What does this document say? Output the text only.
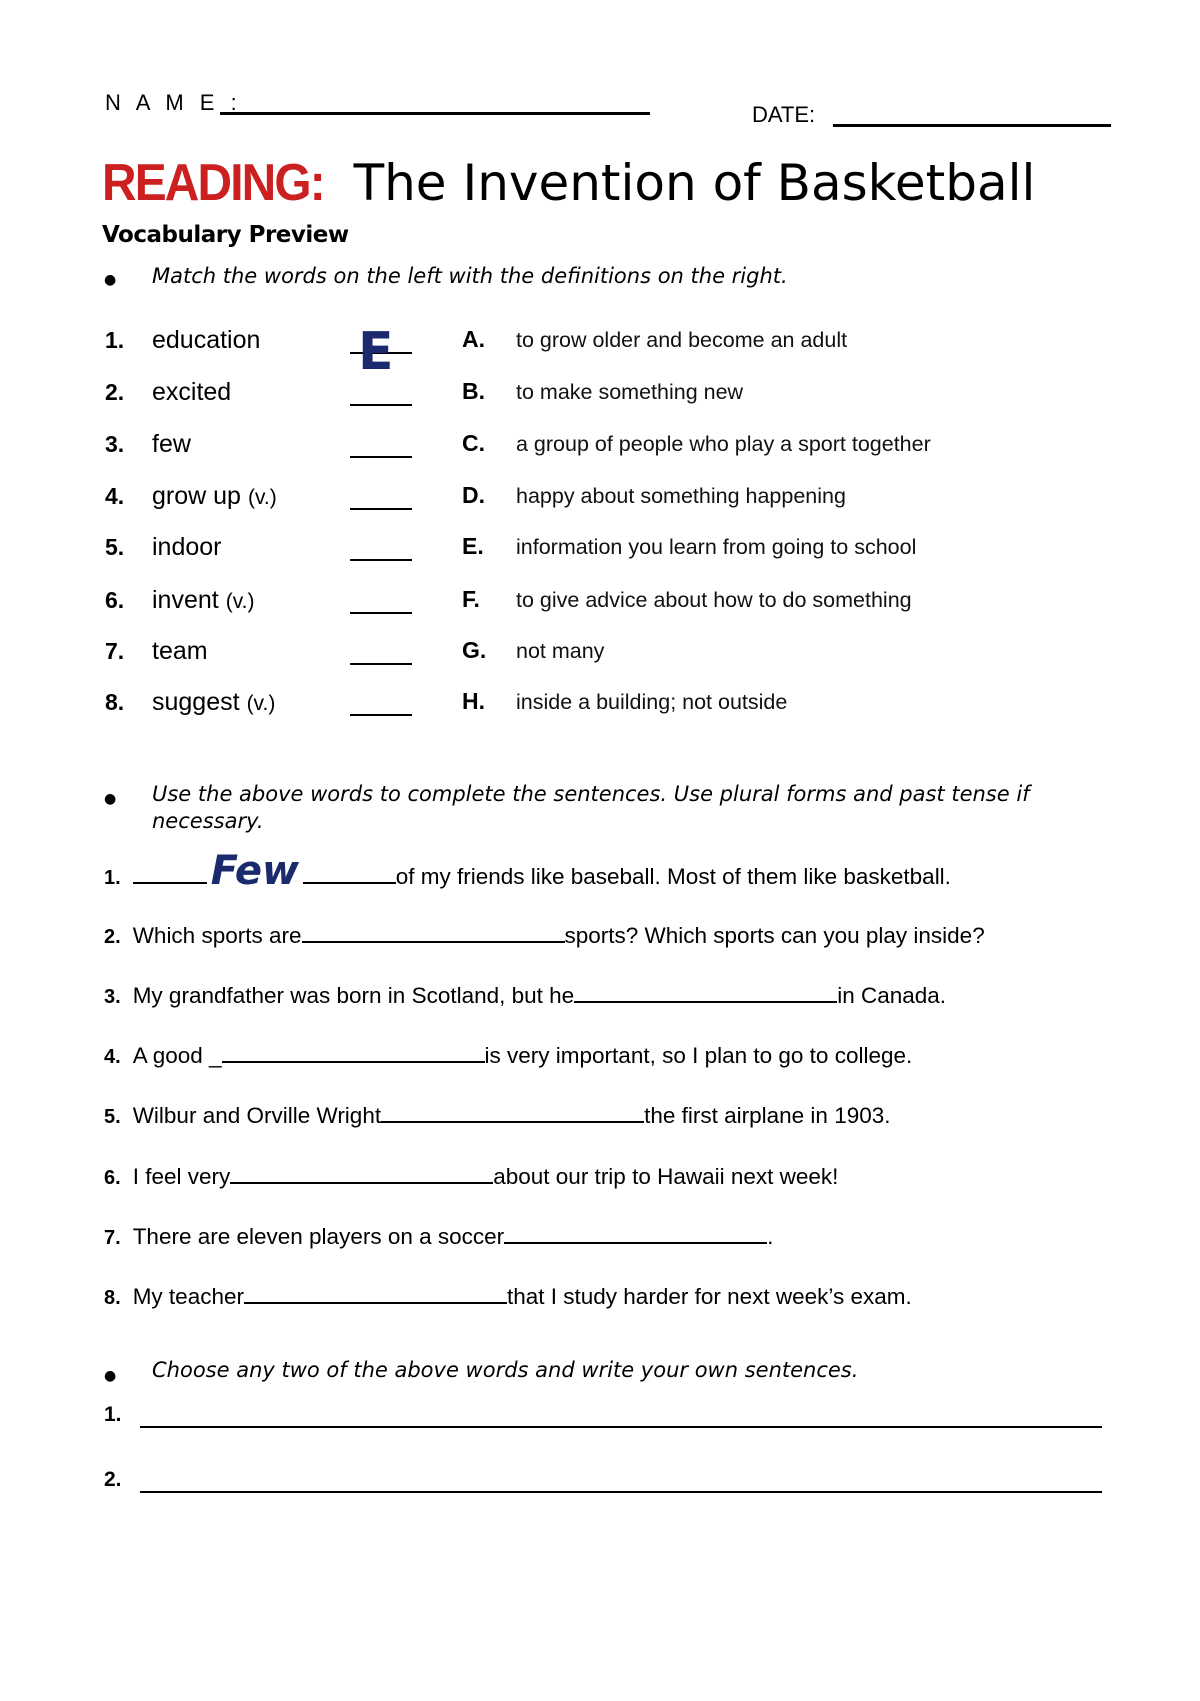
N A M E :	DATE:
READING: The Invention of Basketball
Vocabulary Preview
● Match the words on the left with the definitions on the right.
1. education	A. to grow older and become an adult
2. excited	B. to make something new
3. few	C. a group of people who play a sport together
4. grow up (v.)	D. happy about something happening
5. indoor	E. information you learn from going to school
6. invent (v.)	F. to give advice about how to do something
7. team	G. not many
8. suggest (v.)	H. inside a building; not outside
E
● Use the above words to complete the sentences. Use plural forms and past tense if necessary.
1. Few	of my friends like baseball. Most of them like basketball.
2. Which sports are	sports? Which sports can you play inside?
3. My grandfather was born in Scotland, but he	in Canada.
4. A good _	is very important, so I plan to go to college.
5. Wilbur and Orville Wright	the first airplane in 1903.
6. I feel very	about our trip to Hawaii next week!
7. There are eleven players on a soccer	.
8. My teacher	that I study harder for next week’s exam.
● Choose any two of the above words and write your own sentences.
1.
2.
